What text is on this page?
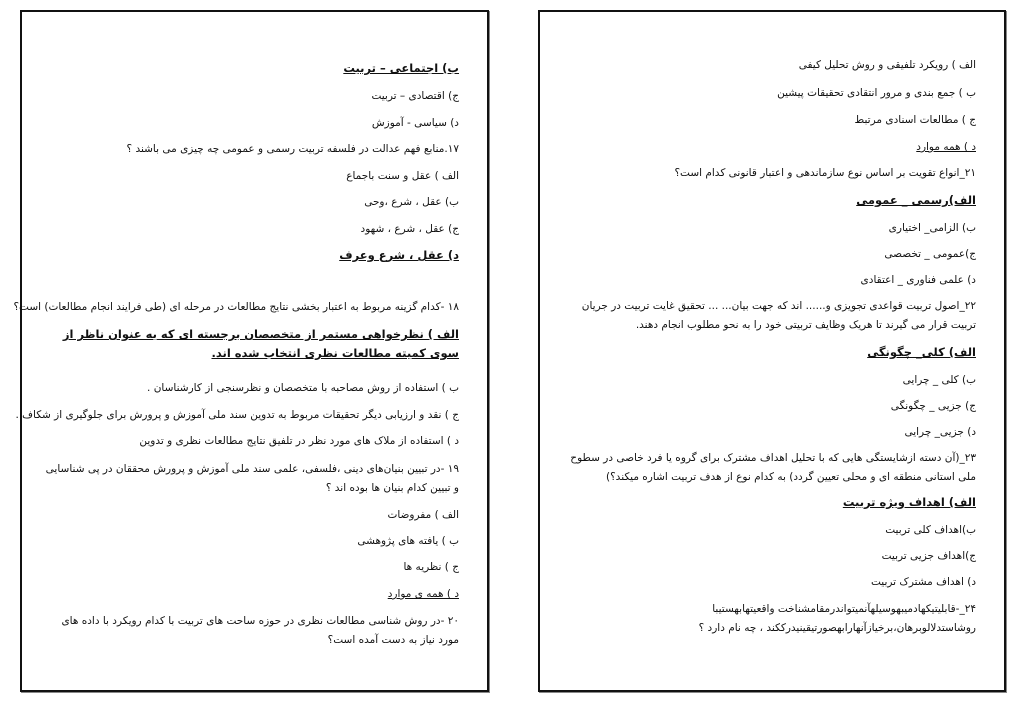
ب) اجتماعی – تربیت
ج) اقتصادی – تربیت
د) سیاسی - آموزش
۱۷.منابع فهم عدالت در فلسفه تربیت رسمی و عمومی چه چیزی می باشند ؟
الف ) عقل و سنت باجماع
ب) عقل ، شرع ،وحی
ج) عقل ، شرع ، شهود
د) عقل ، شرع وعرف
۱۸ -کدام گزینه مربوط به اعتبار بخشی نتایج مطالعات در مرحله ای (طی فرایند انجام مطالعات) است؟
الف ) نظرخواهی مستمر از متخصصان برجسته ای که به عنوان ناظر از سوی کمیته مطالعات نظری انتخاب شده اند.
ب ) استفاده از روش مصاحبه با متخصصان و نظرسنجی از کارشناسان .
ج ) نقد و ارزیابی دیگر تحقیقات مربوط به تدوین سند ملی آموزش و پرورش برای جلوگیری از شکاف .
د ) استفاده از ملاک های مورد نظر در تلفیق نتایج مطالعات نظری و تدوین
۱۹ -در تبیین بنیان‌های دینی ،فلسفی، علمی سند ملی آموزش و پرورش محققان در پی شناسایی و تبیین کدام بنیان ها بوده اند ؟
الف ) مفروضات
ب ) یافته های پژوهشی
ج ) نظریه ها
د ) همه ی موارد
۲۰ -در روش شناسی مطالعات نظری در حوزه ساحت های تربیت با کدام رویکرد با داده های مورد نیاز به دست آمده است؟
الف ) رویکرد تلفیقی و روش تحلیل کیفی
ب ) جمع بندی و مرور انتقادی تحقیقات پیشین
ج ) مطالعات اسنادی مرتبط
د ) همه موارد
۲۱_انواع تقویت بر اساس نوع سازماندهی و اعتبار قانونی کدام است؟
الف)رسمی _ عمومی
ب) الزامی_ اختیاری
ج)عمومی _ تخصصی
د) علمی فناوری _ اعتقادی
۲۲_اصول تربیت قواعدی تجویزی و...... اند که جهت بیان... ... تحقیق غایت تربیت در جریان تربیت قرار می گیرند تا هریک وظایف تربیتی خود را به نحو مطلوب انجام دهند.
الف) کلی_ چگونگی
ب) کلی _ چرایی
ج) جزیی _ چگونگی
د) جزیی_ چرایی
۲۳_(آن دسته ازشایستگی هایی که با تحلیل اهداف مشترک برای گروه یا فرد خاصی در سطوح ملی استانی منطقه ای و محلی تعیین گردد) به کدام نوع از هدف تربیت اشاره میکند؟)
الف) اهداف ویژه تربیت
ب)اهداف کلی تربیت
ج)اهداف جزیی تربیت
د) اهداف مشترک تربیت
۲۴_-قابلیتیکهادمیبهوسیلهآنمیتواندرمقامشناخت واقعیتهابهستیبا روشاستدلالوبرهان،برخیازآنهارابهصورتیقینیدرککند ، چه نام دارد ؟
